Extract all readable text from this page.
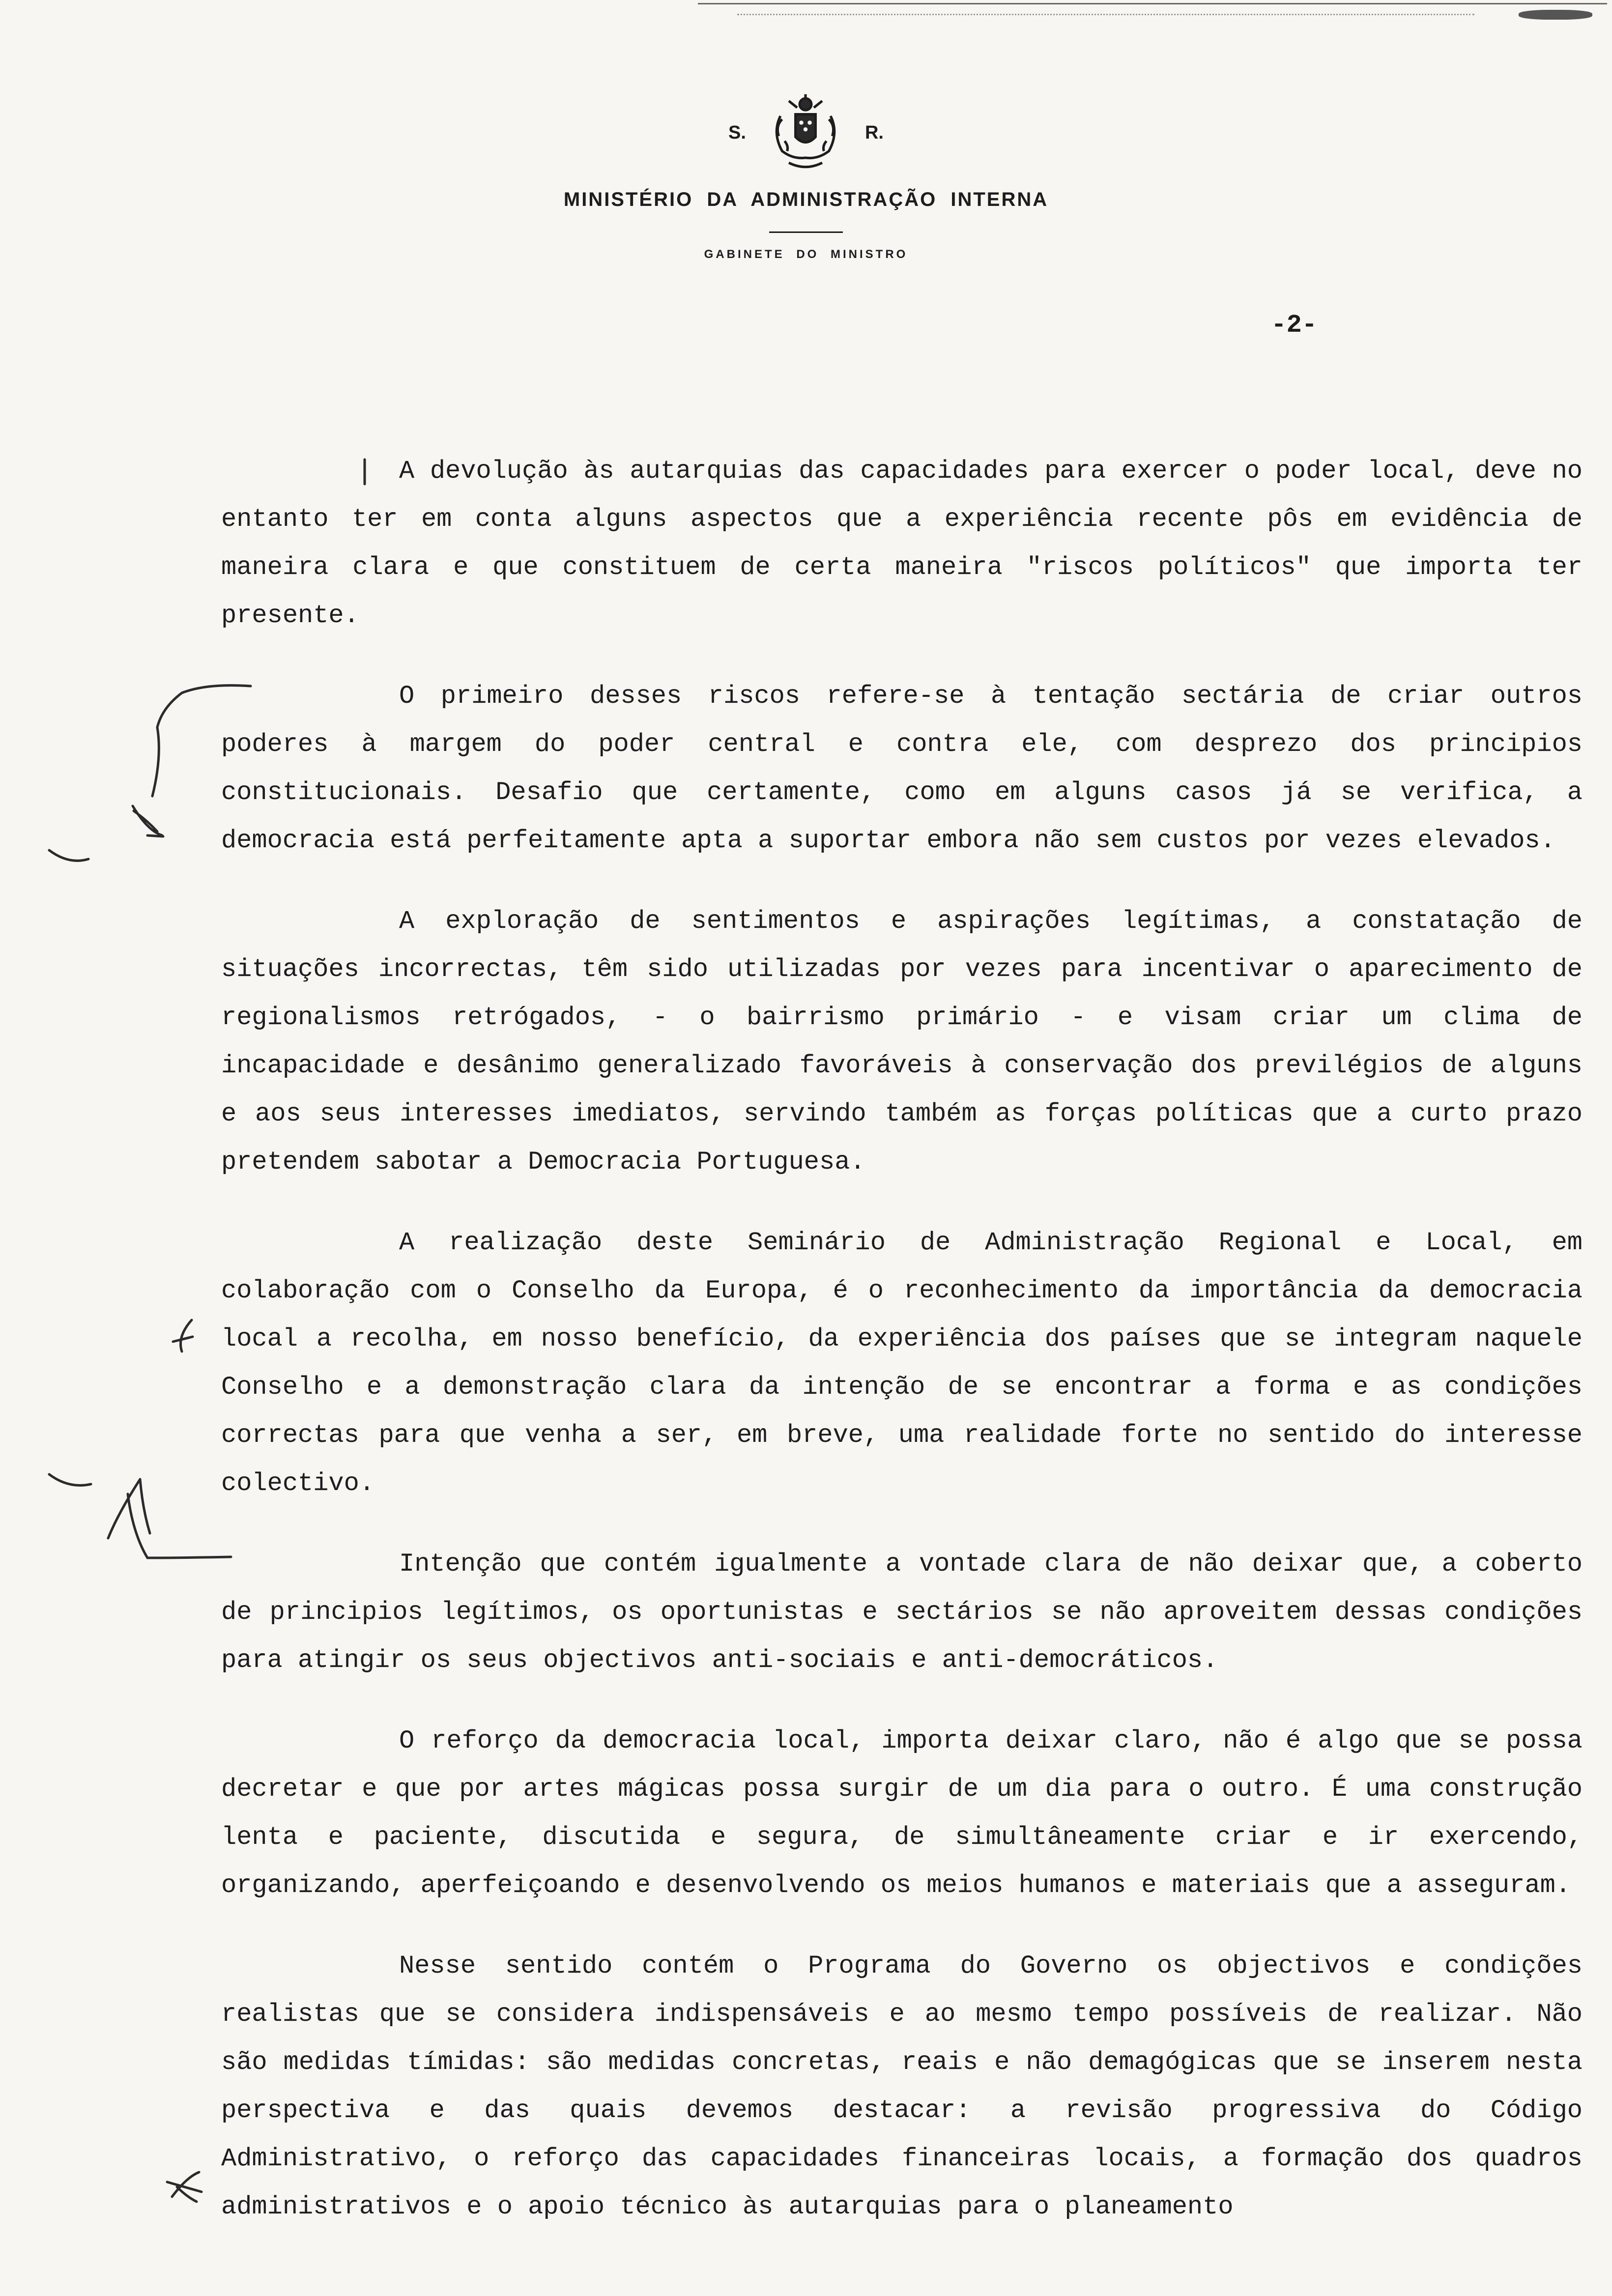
S.	R.
MINISTÉRIO DA ADMINISTRAÇÃO INTERNA
GABINETE DO MINISTRO
-2-

A devolução às autarquias das capacidades para exercer o poder local, deve no entanto ter em conta alguns aspectos que a experiência recente pôs em evidência de maneira clara e que constituem de certa maneira "riscos políticos" que importa ter presente.

O primeiro desses riscos refere-se à tentação sectária de criar outros poderes à margem do poder central e contra ele, com desprezo dos principios constitucionais. Desafio que certamente, como em alguns casos já se verifica, a democracia está perfeitamente apta a suportar embora não sem custos por vezes elevados.

A exploração de sentimentos e aspirações legítimas, a constatação de situações incorrectas, têm sido utilizadas por vezes para incentivar o aparecimento de regionalismos retrógados, - o bairrismo primário - e visam criar um clima de incapacidade e desânimo generalizado favoráveis à conservação dos previlégios de alguns e aos seus interesses imediatos, servindo também as forças políticas que a curto prazo pretendem sabotar a Democracia Portuguesa.

A realização deste Seminário de Administração Regional e Local, em colaboração com o Conselho da Europa, é o reconhecimento da importância da democracia local a recolha, em nosso benefício, da experiência dos países que se integram naquele Conselho e a demonstração clara da intenção de se encontrar a forma e as condições correctas para que venha a ser, em breve, uma realidade forte no sentido do interesse colectivo.

Intenção que contém igualmente a vontade clara de não deixar que, a coberto de principios legítimos, os oportunistas e sectários se não aproveitem dessas condições para atingir os seus objectivos anti-sociais e anti-democráticos.

O reforço da democracia local, importa deixar claro, não é algo que se possa decretar e que por artes mágicas possa surgir de um dia para o outro. É uma construção lenta e paciente, discutida e segura, de simultâneamente criar e ir exercendo, organizando, aperfeiçoando e desenvolvendo os meios humanos e materiais que a asseguram.

Nesse sentido contém o Programa do Governo os objectivos e condições realistas que se considera indispensáveis e ao mesmo tempo possíveis de realizar. Não são medidas tímidas: são medidas concretas, reais e não demagógicas que se inserem nesta perspectiva e das quais devemos destacar: a revisão progressiva do Código Administrativo, o reforço das capacidades financeiras locais, a formação dos quadros administrativos e o apoio técnico às autarquias para o planeamento
